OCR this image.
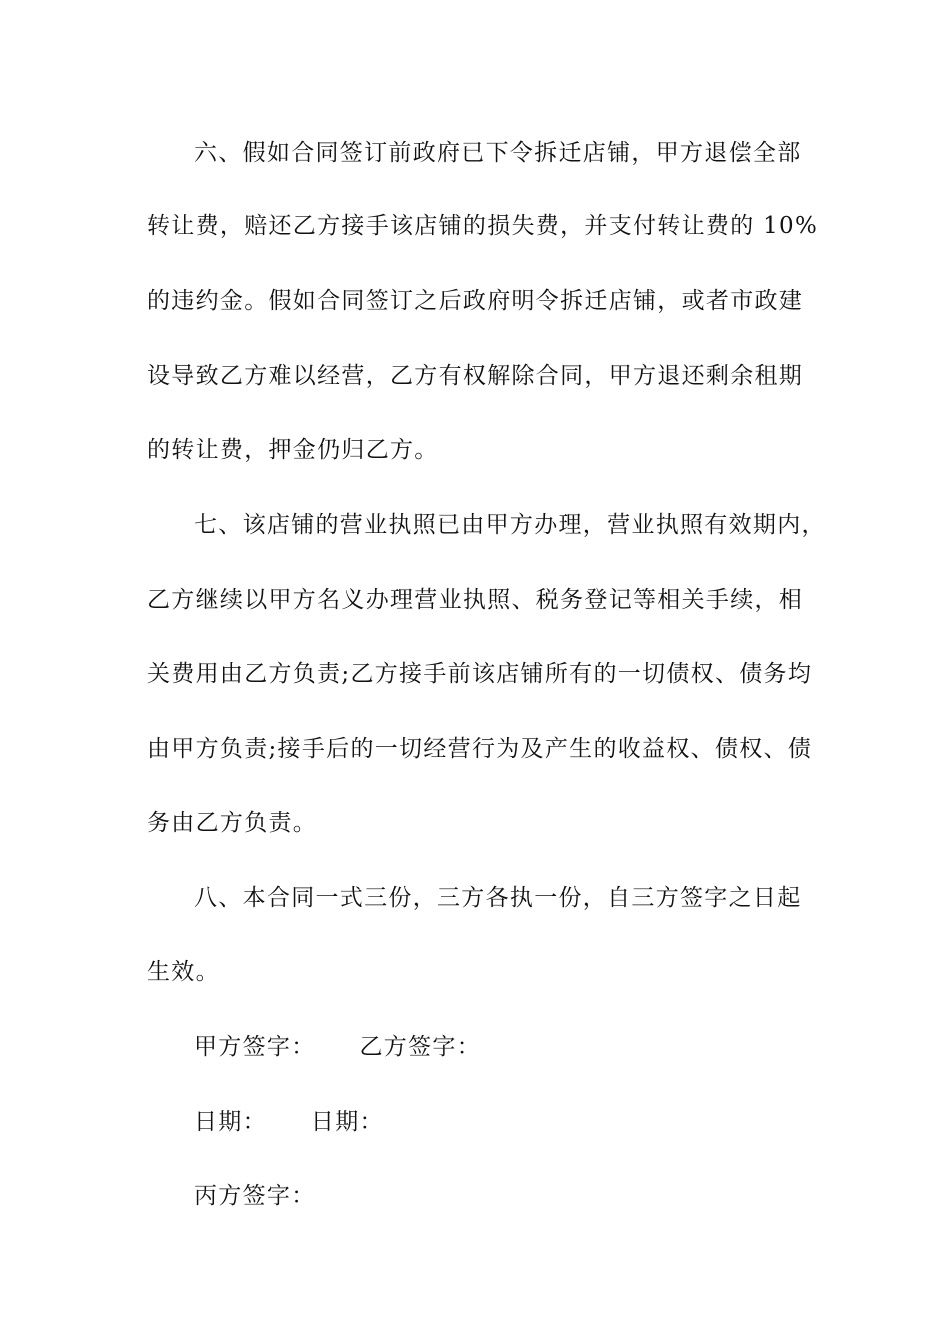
六、假如合同签订前政府已下令拆迁店铺，甲方退偿全部
转让费，赔还乙方接手该店铺的损失费，并支付转让费的 10%
的违约金。假如合同签订之后政府明令拆迁店铺，或者市政建
设导致乙方难以经营，乙方有权解除合同，甲方退还剩余租期
的转让费，押金仍归乙方。
七、该店铺的营业执照已由甲方办理，营业执照有效期内，
乙方继续以甲方名义办理营业执照、税务登记等相关手续，相
关费用由乙方负责;乙方接手前该店铺所有的一切债权、债务均
由甲方负责;接手后的一切经营行为及产生的收益权、债权、债
务由乙方负责。
八、本合同一式三份，三方各执一份，自三方签字之日起
生效。
甲方签字： 乙方签字：
日期： 日期：
丙方签字：
